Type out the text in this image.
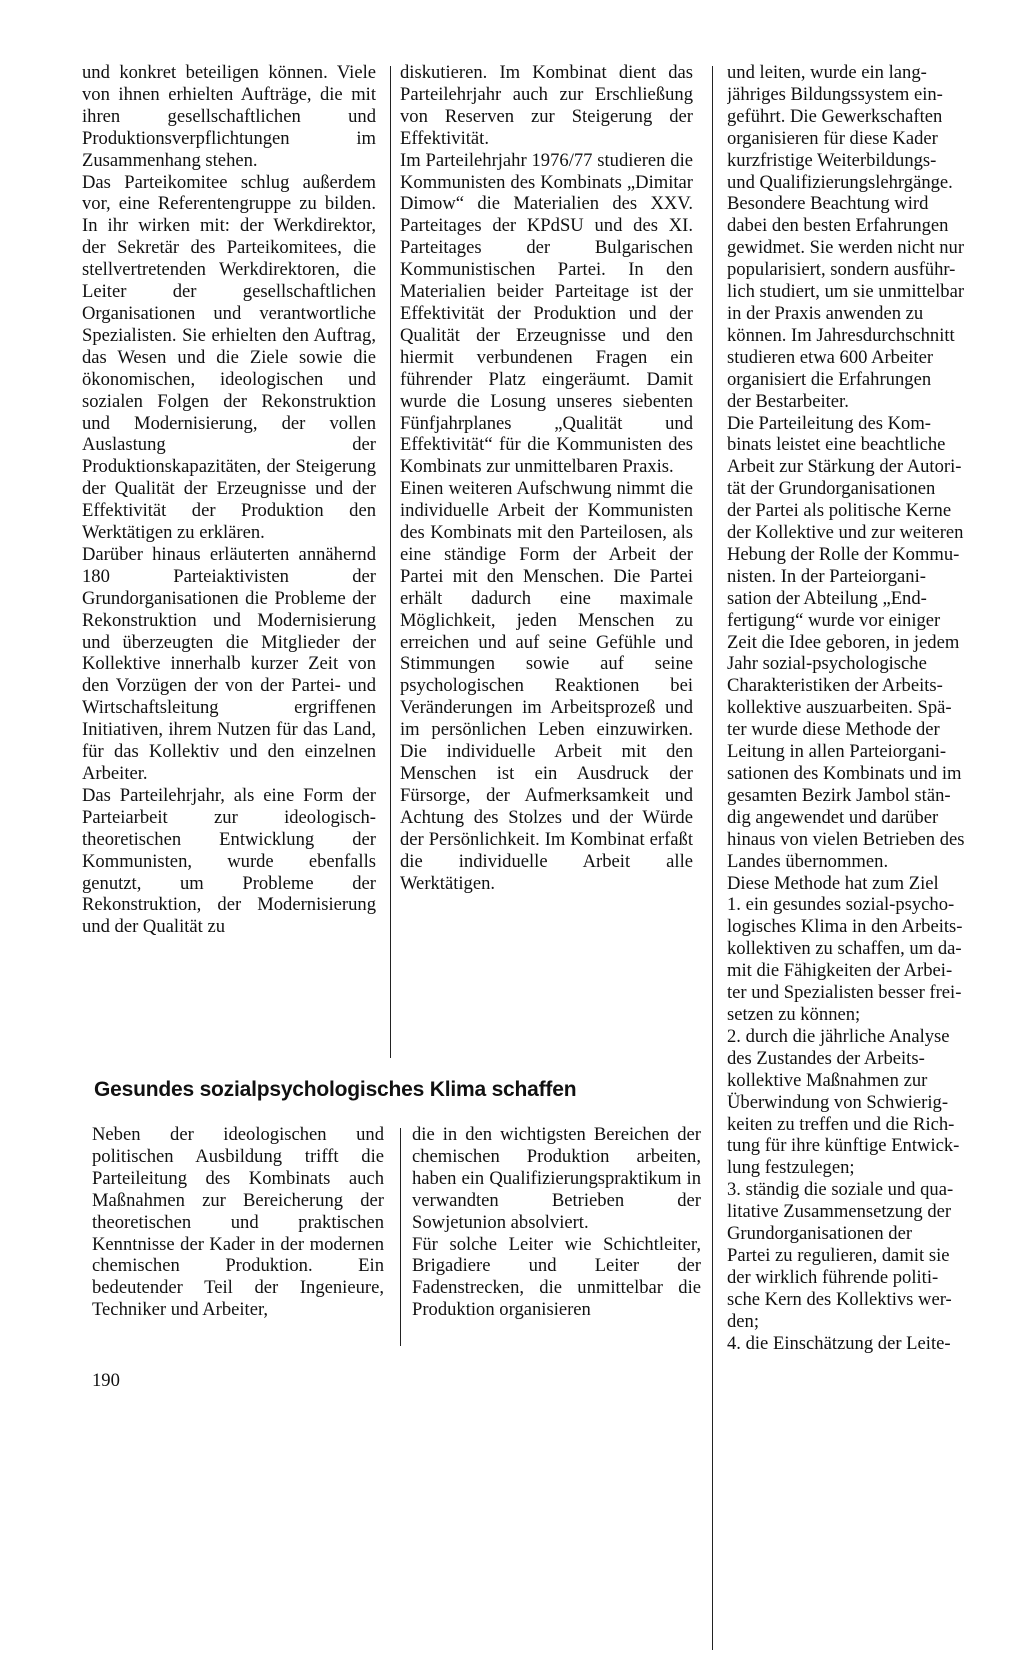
und konkret beteiligen können. Viele von ihnen erhielten Aufträge, die mit ihren gesellschaftlichen und Produktionsverpflichtungen im Zusammenhang stehen.

Das Parteikomitee schlug außerdem vor, eine Referentengruppe zu bilden. In ihr wirken mit: der Werkdirektor, der Sekretär des Parteikomitees, die stellvertretenden Werkdirektoren, die Leiter der gesellschaftlichen Organisationen und verantwortliche Spezialisten. Sie erhielten den Auftrag, das Wesen und die Ziele sowie die ökonomischen, ideologischen und sozialen Folgen der Rekonstruktion und Modernisierung, der vollen Auslastung der Produktionskapazitäten, der Steigerung der Qualität der Erzeugnisse und der Effektivität der Produktion den Werktätigen zu erklären.

Darüber hinaus erläuterten annähernd 180 Parteiaktivisten der Grundorganisationen die Probleme der Rekonstruktion und Modernisierung und überzeugten die Mitglieder der Kollektive innerhalb kurzer Zeit von den Vorzügen der von der Partei- und Wirtschaftsleitung ergriffenen Initiativen, ihrem Nutzen für das Land, für das Kollektiv und den einzelnen Arbeiter.

Das Parteilehrjahr, als eine Form der Parteiarbeit zur ideologisch-theoretischen Entwicklung der Kommunisten, wurde ebenfalls genutzt, um Probleme der Rekonstruktion, der Modernisierung und der Qualität zu

diskutieren. Im Kombinat dient das Parteilehrjahr auch zur Erschließung von Reserven zur Steigerung der Effektivität.

Im Parteilehrjahr 1976/77 studieren die Kommunisten des Kombinats „Dimitar Dimow“ die Materialien des XXV. Parteitages der KPdSU und des XI. Parteitages der Bulgarischen Kommunistischen Partei. In den Materialien beider Parteitage ist der Effektivität der Produktion und der Qualität der Erzeugnisse und den hiermit verbundenen Fragen ein führender Platz eingeräumt. Damit wurde die Losung unseres siebenten Fünfjahrplanes „Qualität und Effektivität“ für die Kommunisten des Kombinats zur unmittelbaren Praxis.

Einen weiteren Aufschwung nimmt die individuelle Arbeit der Kommunisten des Kombinats mit den Parteilosen, als eine ständige Form der Arbeit der Partei mit den Menschen. Die Partei erhält dadurch eine maximale Möglichkeit, jeden Menschen zu erreichen und auf seine Gefühle und Stimmungen sowie auf seine psychologischen Reaktionen bei Veränderungen im Arbeitsprozeß und im persönlichen Leben einzuwirken. Die individuelle Arbeit mit den Menschen ist ein Ausdruck der Fürsorge, der Aufmerksamkeit und Achtung des Stolzes und der Würde der Persönlichkeit. Im Kombinat erfaßt die individuelle Arbeit alle Werktätigen.

und leiten, wurde ein lang-

jähriges Bildungssystem ein-

geführt. Die Gewerkschaften

organisieren für diese Kader

kurzfristige Weiterbildungs-

und Qualifizierungslehrgänge.

Besondere Beachtung wird

dabei den besten Erfahrungen

gewidmet. Sie werden nicht nur

popularisiert, sondern ausführ-

lich studiert, um sie unmittelbar

in der Praxis anwenden zu

können. Im Jahresdurchschnitt

studieren etwa 600 Arbeiter

organisiert die Erfahrungen

der Bestarbeiter.

Die Parteileitung des Kom-

binats leistet eine beachtliche

Arbeit zur Stärkung der Autori-

tät der Grundorganisationen

der Partei als politische Kerne

der Kollektive und zur weiteren

Hebung der Rolle der Kommu-

nisten. In der Parteiorgani-

sation der Abteilung „End-

fertigung“ wurde vor einiger

Zeit die Idee geboren, in jedem

Jahr sozial-psychologische

Charakteristiken der Arbeits-

kollektive auszuarbeiten. Spä-

ter wurde diese Methode der

Leitung in allen Parteiorgani-

sationen des Kombinats und im

gesamten Bezirk Jambol stän-

dig angewendet und darüber

hinaus von vielen Betrieben des

Landes übernommen.

Diese Methode hat zum Ziel

1. ein gesundes sozial-psycho-

logisches Klima in den Arbeits-

kollektiven zu schaffen, um da-

mit die Fähigkeiten der Arbei-

ter und Spezialisten besser frei-

setzen zu können;

2. durch die jährliche Analyse

des Zustandes der Arbeits-

kollektive Maßnahmen zur

Überwindung von Schwierig-

keiten zu treffen und die Rich-

tung für ihre künftige Entwick-

lung festzulegen;

3. ständig die soziale und qua-

litative Zusammensetzung der

Grundorganisationen der

Partei zu regulieren, damit sie

der wirklich führende politi-

sche Kern des Kollektivs wer-

den;

4. die Einschätzung der Leite-

Gesundes sozialpsychologisches Klima schaffen

Neben der ideologischen und politischen Ausbildung trifft die Parteileitung des Kombinats auch Maßnahmen zur Bereicherung der theoretischen und praktischen Kenntnisse der Kader in der modernen chemischen Produktion. Ein bedeutender Teil der Ingenieure, Techniker und Arbeiter,

die in den wichtigsten Bereichen der chemischen Produktion arbeiten, haben ein Qualifizierungspraktikum in verwandten Betrieben der Sowjetunion absolviert.

Für solche Leiter wie Schichtleiter, Brigadiere und Leiter der Fadenstrecken, die unmittelbar die Produktion organisieren

190
